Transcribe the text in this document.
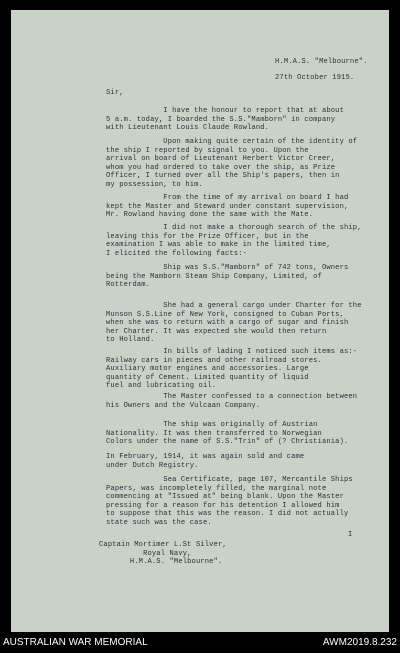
H.M.A.S. "Melbourne".
27th October 1915.
Sir,
I have the honour to report that at about
5 a.m. today, I boarded the S.S."Mamborn" in company
with Lieutenant Louis Claude Rowland.
Upon making quite certain of the identity of
the ship I reported by signal to you. Upon the
arrival on board of Lieutenant Herbert Victor Creer,
whom you had ordered to take over the ship, as Prize
Officer, I turned over all the Ship's papers, then in
my possession, to him.
From the time of my arrival on board I had
kept the Master and Steward under constant supervision,
Mr. Rowland having done the same with the Mate.
I did not make a thorough search of the ship,
leaving this for the Prize Officer, but in the
examination I was able to make in the limited time,
I elicited the following facts:-
Ship was S.S."Mamborn" of 742 tons, Owners
being the Mamborn Steam Ship Company, Limited, of
Rotterdam.
She had a general cargo under Charter for the
Munson S.S.Line of New York, consigned to Cuban Ports,
when she was to return with a cargo of sugar and finish
her Charter. It was expected she would then return
to Holland.
In bills of lading I noticed such items as:-
Railway cars in pieces and other railroad stores.
Auxiliary motor engines and accessories. Large
quantity of Cement. Limited quantity of liquid
fuel and lubricating oil.
The Master confessed to a connection between
his Owners and the Vulcaan Company.
The ship was originally of Austrian
Nationality. It was then transferred to Norwegian
Colors under the name of S.S."Trin" of (? Christiania).
In February, 1914, it was again sold and came
under Dutch Registry.
Sea Certificate, page 107, Mercantile Ships
Papers, was incompletely filled, the marginal note
commencing at "Issued at" being blank. Upon the Master
pressing for a reason for his detention I allowed him
to suppose that this was the reason. I did not actually
state such was the case.
I
Captain Mortimer L.St Silver,
Royal Navy,
H.M.A.S. "Melbourne".
AUSTRALIAN WAR MEMORIAL	AWM2019.8.232
